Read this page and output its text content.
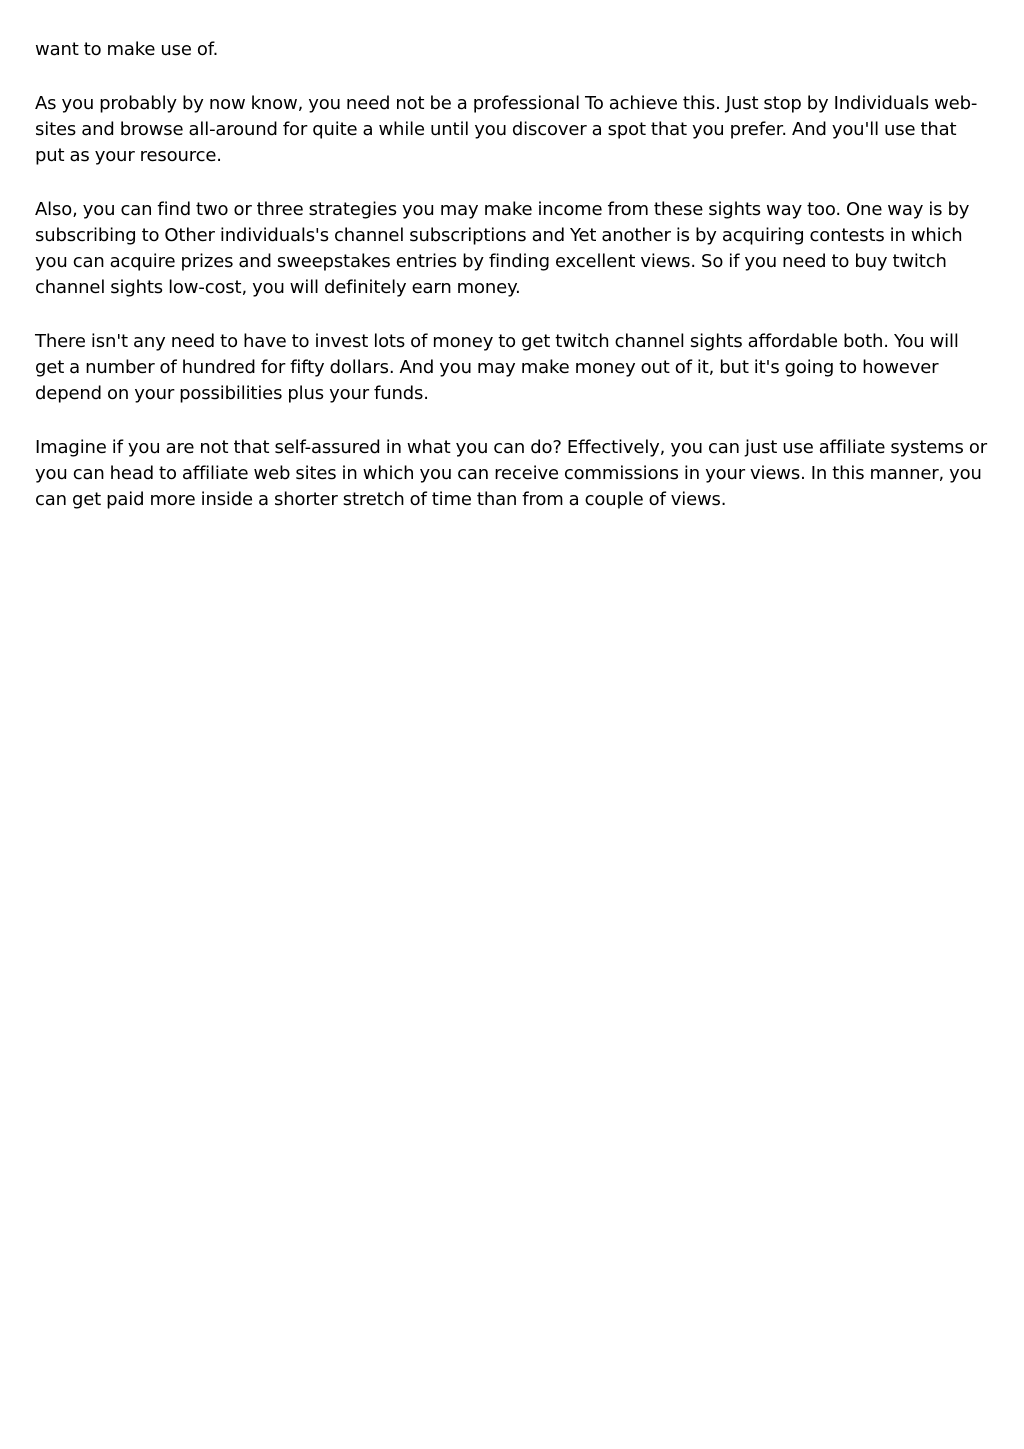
want to make use of.

As you probably by now know, you need not be a professional To achieve this. Just stop by Individuals web-sites and browse all-around for quite a while until you discover a spot that you prefer. And you'll use that put as your resource.

Also, you can find two or three strategies you may make income from these sights way too. One way is by subscribing to Other individuals's channel subscriptions and Yet another is by acquiring contests in which you can acquire prizes and sweepstakes entries by finding excellent views. So if you need to buy twitch channel sights low-cost, you will definitely earn money.

There isn't any need to have to invest lots of money to get twitch channel sights affordable both. You will get a number of hundred for fifty dollars. And you may make money out of it, but it's going to however depend on your possibilities plus your funds.

Imagine if you are not that self-assured in what you can do? Effectively, you can just use affiliate systems or you can head to affiliate web sites in which you can receive commissions in your views. In this manner, you can get paid more inside a shorter stretch of time than from a couple of views.
